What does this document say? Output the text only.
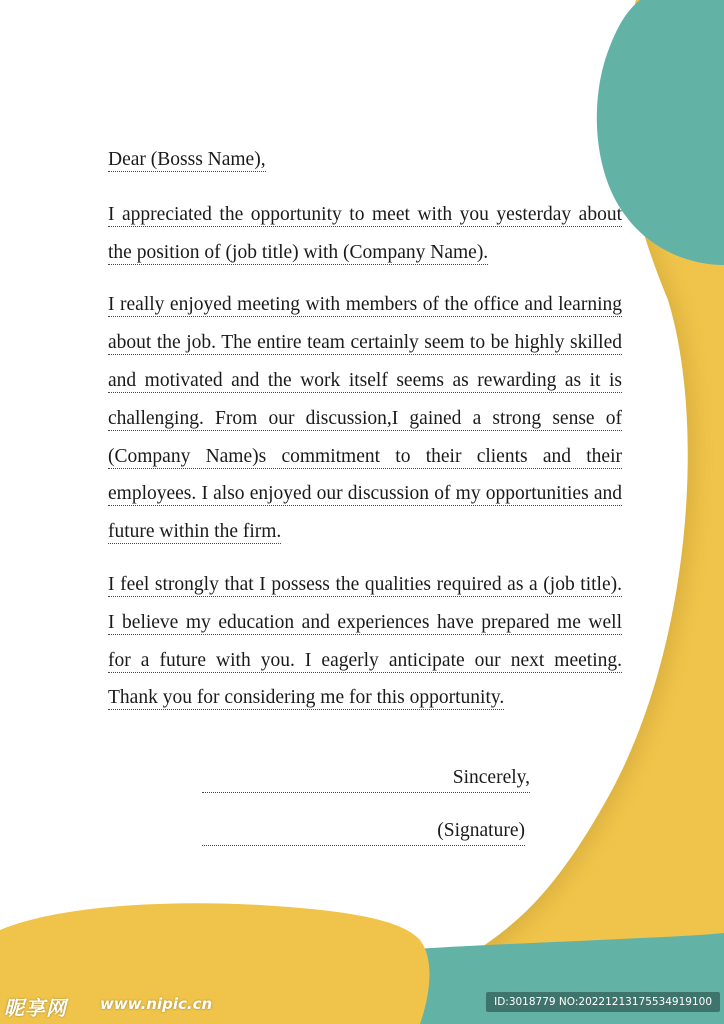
Dear (Bosss Name),

I appreciated the opportunity to meet with you yesterday about the position of (job title) with (Company Name).

I really enjoyed meeting with members of the office and learning about the job. The entire team certainly seem to be highly skilled and motivated and the work itself seems as rewarding as it is challenging. From our discussion,I gained a strong sense of (Company Name)s commitment to their clients and their employees. I also enjoyed our discussion of my opportunities and future within the firm.

I feel strongly that I possess the qualities required as a (job title). I believe my education and experiences have prepared me well for a future with you. I eagerly anticipate our next meeting. Thank you for considering me for this opportunity.

Sincerely,
(Signature)
昵享网 www.nipic.cn	ID:3018779 NO:20221213175534919100
